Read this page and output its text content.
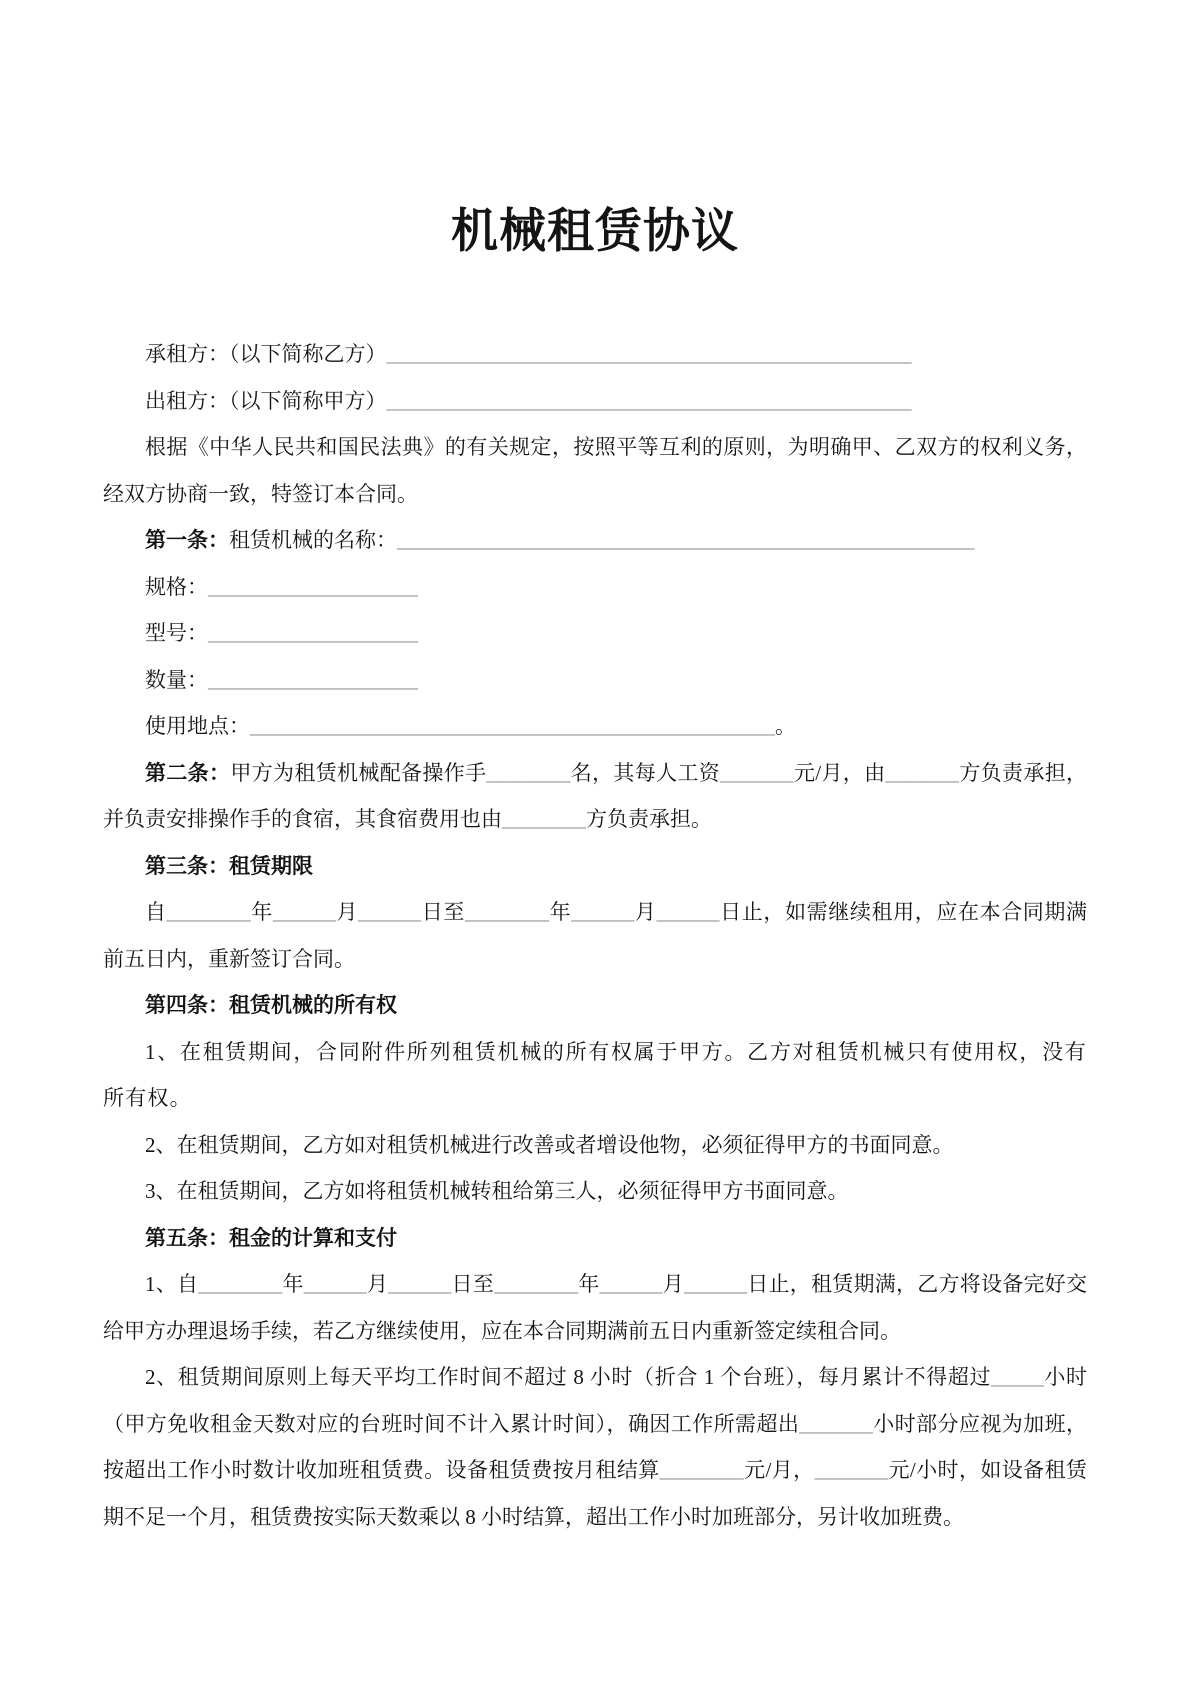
机械租赁协议

承租方：（以下简称乙方）__________________________________________________

出租方：（以下简称甲方）__________________________________________________

根据《中华人民共和国民法典》的有关规定，按照平等互利的原则，为明确甲、乙双方的权利义务，经双方协商一致，特签订本合同。

第一条：租赁机械的名称：_______________________________________________________

规格：____________________

型号：____________________

数量：____________________

使用地点：__________________________________________________。

第二条：甲方为租赁机械配备操作手________名，其每人工资_______元/月，由_______方负责承担，并负责安排操作手的食宿，其食宿费用也由________方负责承担。

第三条：租赁期限

自________年______月______日至________年______月______日止，如需继续租用，应在本合同期满前五日内，重新签订合同。

第四条：租赁机械的所有权

1、在租赁期间，合同附件所列租赁机械的所有权属于甲方。乙方对租赁机械只有使用权，没有所有权。

2、在租赁期间，乙方如对租赁机械进行改善或者增设他物，必须征得甲方的书面同意。

3、在租赁期间，乙方如将租赁机械转租给第三人，必须征得甲方书面同意。

第五条：租金的计算和支付

1、自________年______月______日至________年______月______日止，租赁期满，乙方将设备完好交给甲方办理退场手续，若乙方继续使用，应在本合同期满前五日内重新签定续租合同。

2、租赁期间原则上每天平均工作时间不超过 8 小时（折合 1 个台班），每月累计不得超过_____小时（甲方免收租金天数对应的台班时间不计入累计时间），确因工作所需超出_______小时部分应视为加班，按超出工作小时数计收加班租赁费。设备租赁费按月租结算________元/月，_______元/小时，如设备租赁期不足一个月，租赁费按实际天数乘以 8 小时结算，超出工作小时加班部分，另计收加班费。
